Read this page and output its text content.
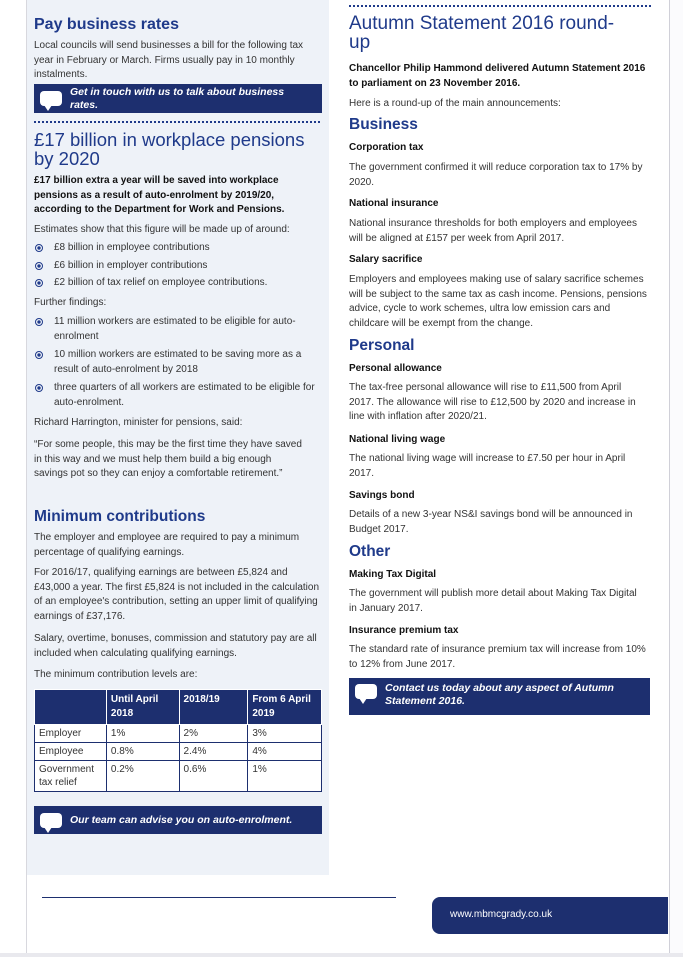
Pay business rates

Local councils will send businesses a bill for the following tax year in February or March. Firms usually pay in 10 monthly instalments.

Get in touch with us to talk about business rates.
£17 billion in workplace pensions by 2020

£17 billion extra a year will be saved into workplace pensions as a result of auto-enrolment by 2019/20, according to the Department for Work and Pensions.

Estimates show that this figure will be made up of around:

£8 billion in employee contributions
£6 billion in employer contributions
£2 billion of tax relief on employee contributions.

Further findings:

11 million workers are estimated to be eligible for auto-enrolment
10 million workers are estimated to be saving more as a result of auto-enrolment by 2018
three quarters of all workers are estimated to be eligible for auto-enrolment.

Richard Harrington, minister for pensions, said:

“For some people, this may be the first time they have saved in this way and we must help them build a big enough savings pot so they can enjoy a comfortable retirement.”

Minimum contributions

The employer and employee are required to pay a minimum percentage of qualifying earnings.

For 2016/17, qualifying earnings are between £5,824 and £43,000 a year. The first £5,824 is not included in the calculation of an employee's contribution, setting an upper limit of qualifying earnings of £37,176.

Salary, overtime, bonuses, commission and statutory pay are all included when calculating qualifying earnings.

The minimum contribution levels are:

	Until April 2018	2018/19	From 6 April 2019
Employer	1%	2%	3%
Employee	0.8%	2.4%	4%
Government tax relief	0.2%	0.6%	1%
Our team can advise you on auto-enrolment.
Autumn Statement 2016 round-up

Chancellor Philip Hammond delivered Autumn Statement 2016 to parliament on 23 November 2016.

Here is a round-up of the main announcements:

Business
Corporation tax

The government confirmed it will reduce corporation tax to 17% by 2020.

National insurance

National insurance thresholds for both employers and employees will be aligned at £157 per week from April 2017.

Salary sacrifice

Employers and employees making use of salary sacrifice schemes will be subject to the same tax as cash income. Pensions, pensions advice, cycle to work schemes, ultra low emission cars and childcare will be exempt from the change.

Personal
Personal allowance

The tax-free personal allowance will rise to £11,500 from April 2017. The allowance will rise to £12,500 by 2020 and increase in line with inflation after 2020/21.

National living wage

The national living wage will increase to £7.50 per hour in April 2017.

Savings bond

Details of a new 3-year NS&I savings bond will be announced in Budget 2017.

Other
Making Tax Digital

The government will publish more detail about Making Tax Digital in January 2017.

Insurance premium tax

The standard rate of insurance premium tax will increase from 10% to 12% from June 2017.

Contact us today about any aspect of Autumn Statement 2016.
www.mbmcgrady.co.uk
